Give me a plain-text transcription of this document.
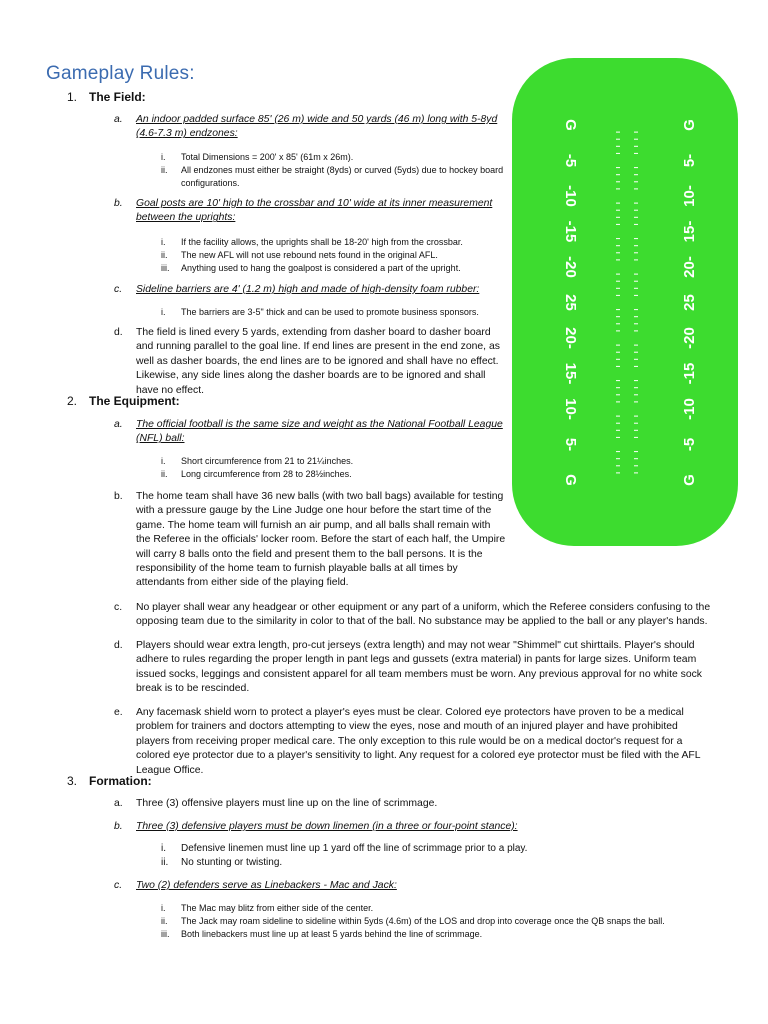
Gameplay Rules:
1. The Field:
a. An indoor padded surface 85' (26 m) wide and 50 yards (46 m) long with 5-8yd (4.6-7.3 m) endzones:
i. Total Dimensions = 200' x 85' (61m x 26m).
ii. All endzones must either be straight (8yds) or curved (5yds) due to hockey board configurations.
b. Goal posts are 10' high to the crossbar and 10' wide at its inner measurement between the uprights:
i. If the facility allows, the uprights shall be 18-20' high from the crossbar.
ii. The new AFL will not use rebound nets found in the original AFL.
iii. Anything used to hang the goalpost is considered a part of the upright.
c. Sideline barriers are 4' (1.2 m) high and made of high-density foam rubber:
i. The barriers are 3-5" thick and can be used to promote business sponsors.
d. The field is lined every 5 yards, extending from dasher board to dasher board and running parallel to the goal line. If end lines are present in the end zone, as well as dasher boards, the end lines are to be ignored and shall have no effect. Likewise, any side lines along the dasher boards are to be ignored and shall have no effect.
2. The Equipment:
a. The official football is the same size and weight as the National Football League (NFL) ball:
i. Short circumference from 21 to 21¼inches.
ii. Long circumference from 28 to 28½inches.
b. The home team shall have 36 new balls (with two ball bags) available for testing with a pressure gauge by the Line Judge one hour before the start time of the game. The home team will furnish an air pump, and all balls shall remain with the Referee in the officials' locker room. Before the start of each half, the Umpire will carry 8 balls onto the field and present them to the ball persons. It is the responsibility of the home team to furnish playable balls at all times by attendants from either side of the playing field.
c. No player shall wear any headgear or other equipment or any part of a uniform, which the Referee considers confusing to the opposing team due to the similarity in color to that of the ball. No substance may be applied to the ball or any player's hands.
d. Players should wear extra length, pro-cut jerseys (extra length) and may not wear "Shimmel" cut shirttails. Player's should adhere to rules regarding the proper length in pant legs and gussets (extra material) in pants for large sizes. Uniform team issued socks, leggings and consistent apparel for all team members must be worn. Any previous approval for no white sock break is to be rescinded.
e. Any facemask shield worn to protect a player's eyes must be clear. Colored eye protectors have proven to be a medical problem for trainers and doctors attempting to view the eyes, nose and mouth of an injured player and have prohibited players from receiving proper medical care. The only exception to this rule would be on a medical doctor's request for a colored eye protector due to a player's sensitivity to light. Any request for a colored eye protector must be filed with the AFL League Office.
3. Formation:
a. Three (3) offensive players must line up on the line of scrimmage.
b. Three (3) defensive players must be down linemen (in a three or four-point stance):
i. Defensive linemen must line up 1 yard off the line of scrimmage prior to a play.
ii. No stunting or twisting.
c. Two (2) defenders serve as Linebackers - Mac and Jack:
i. The Mac may blitz from either side of the center.
ii. The Jack may roam sideline to sideline within 5yds (4.6m) of the LOS and drop into coverage once the QB snaps the ball.
iii. Both linebackers must line up at least 5 yards behind the line of scrimmage.
G
-5
-10
-15
-20
25
20-
15-
10-
5-
G
G
5-
10-
15-
20-
25
-20
-15
-10
-5
G
